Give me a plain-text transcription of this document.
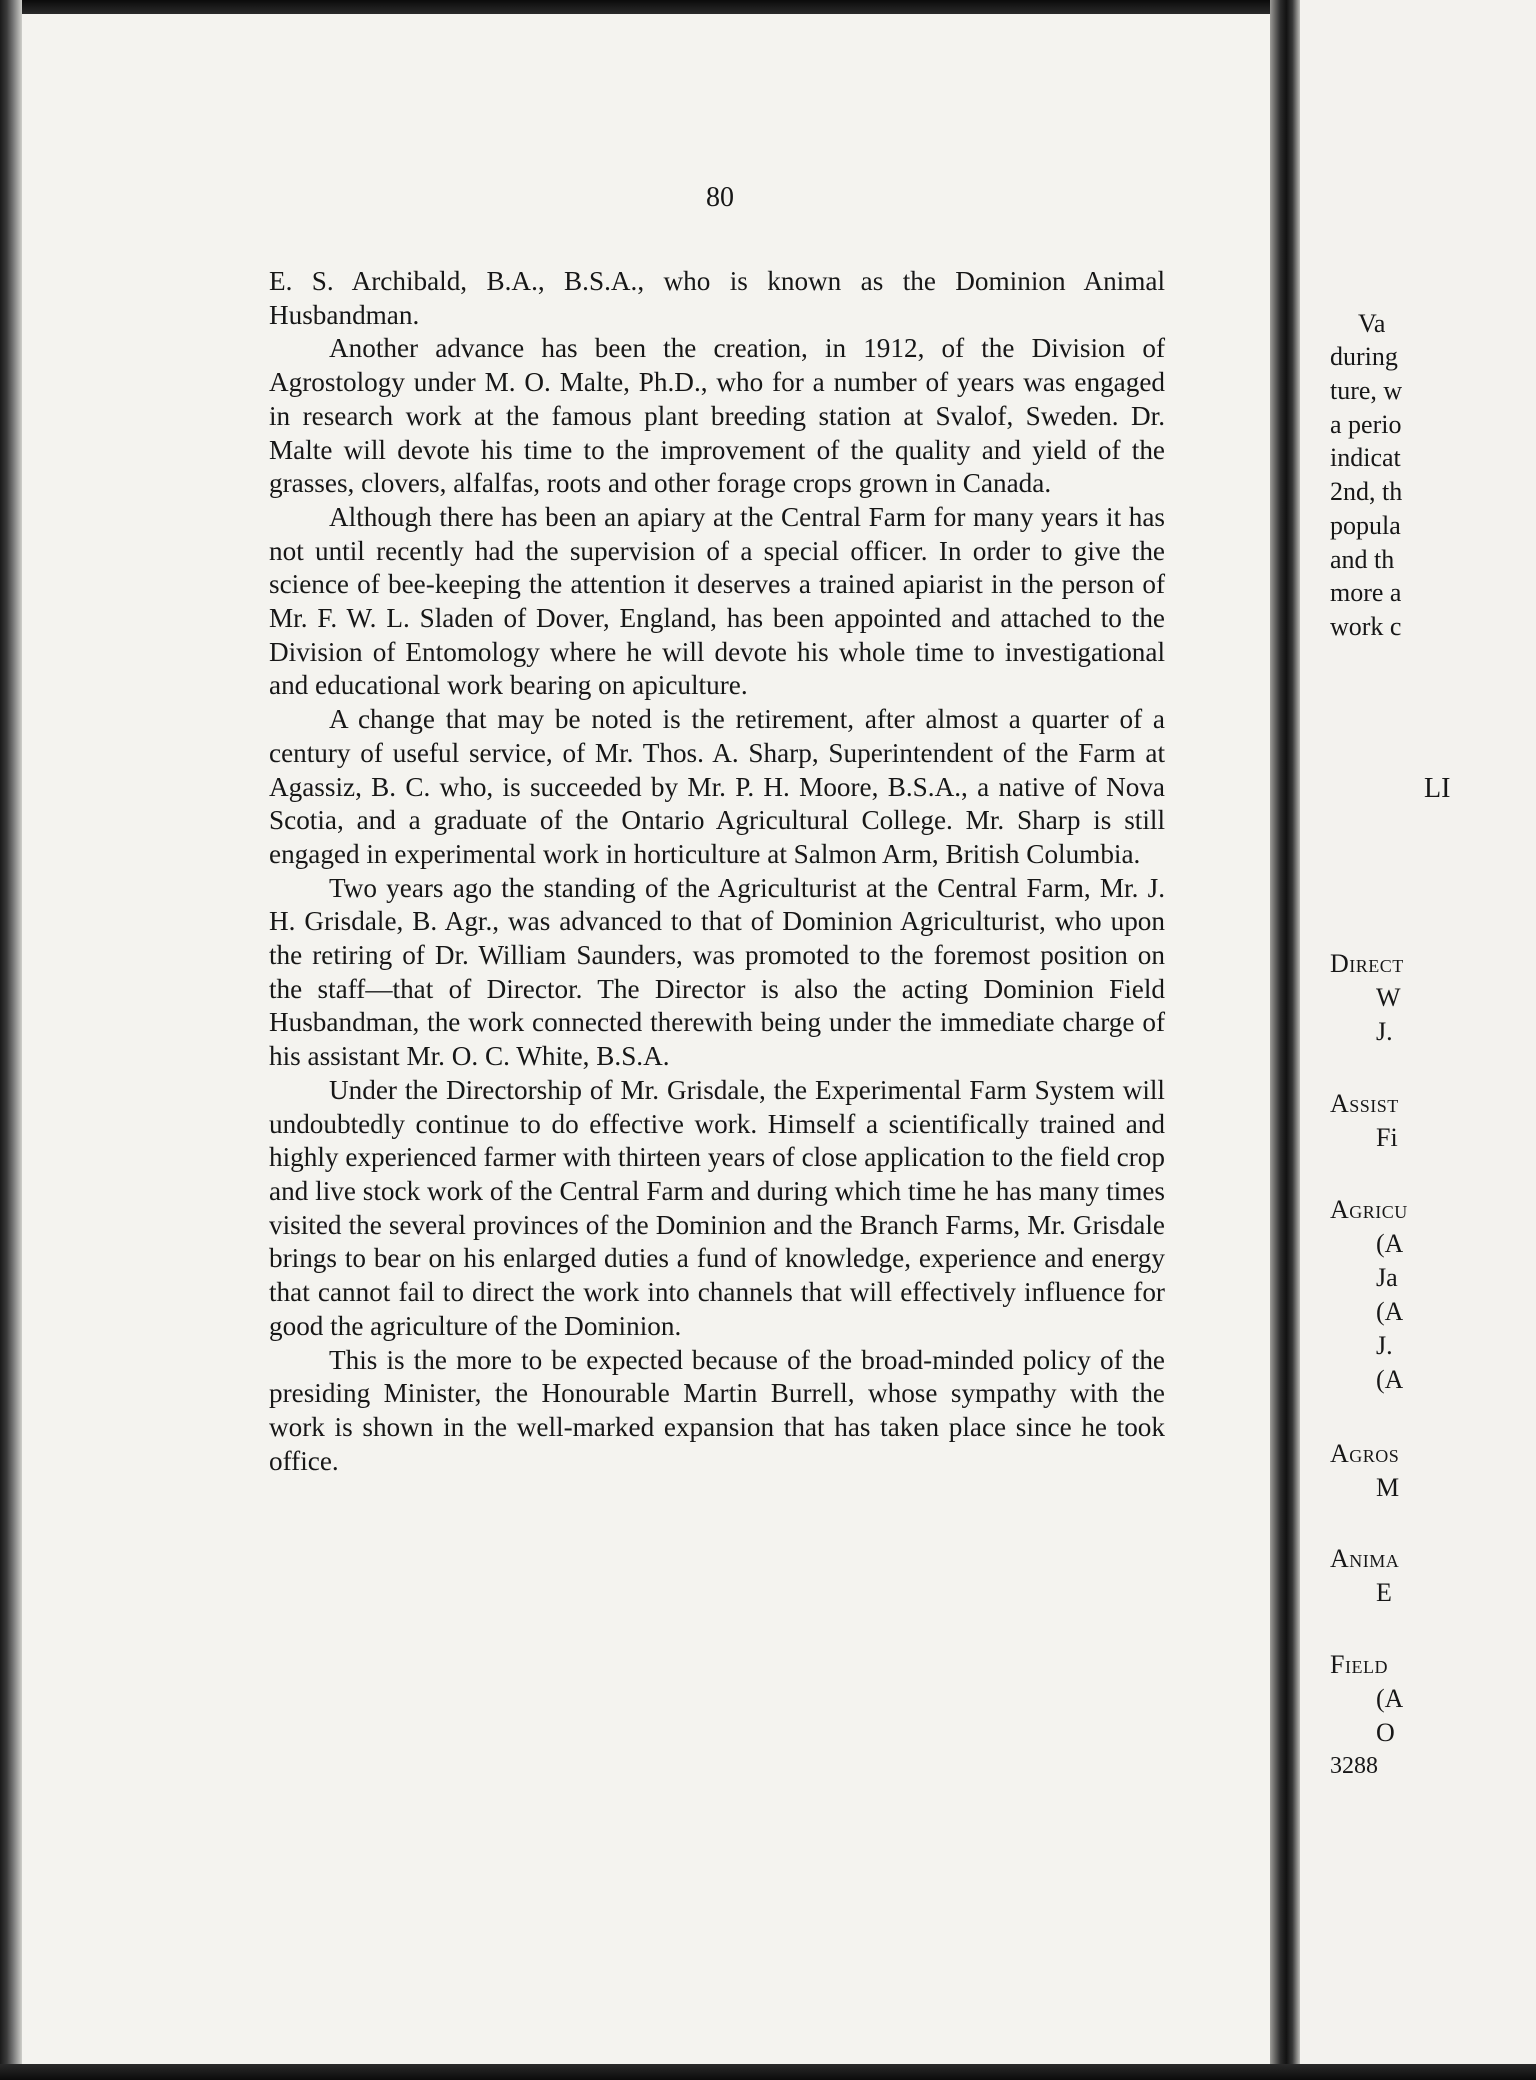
80

E. S. Archibald, B.A., B.S.A., who is known as the Dominion Animal Husbandman.

Another advance has been the creation, in 1912, of the Division of Agrostology under M. O. Malte, Ph.D., who for a number of years was engaged in research work at the famous plant breeding station at Svalof, Sweden. Dr. Malte will devote his time to the improvement of the quality and yield of the grasses, clovers, alfalfas, roots and other forage crops grown in Canada.

Although there has been an apiary at the Central Farm for many years it has not until recently had the supervision of a special officer. In order to give the science of bee-keeping the attention it deserves a trained apiarist in the person of Mr. F. W. L. Sladen of Dover, England, has been appointed and attached to the Division of Entomology where he will devote his whole time to investigational and educational work bearing on apiculture.

A change that may be noted is the retirement, after almost a quarter of a century of useful service, of Mr. Thos. A. Sharp, Superintendent of the Farm at Agassiz, B. C. who, is succeeded by Mr. P. H. Moore, B.S.A., a native of Nova Scotia, and a graduate of the Ontario Agricultural College. Mr. Sharp is still engaged in experimental work in horticulture at Salmon Arm, British Columbia.

Two years ago the standing of the Agriculturist at the Central Farm, Mr. J. H. Grisdale, B. Agr., was advanced to that of Dominion Agriculturist, who upon the retiring of Dr. William Saunders, was promoted to the foremost position on the staff—that of Director. The Director is also the acting Dominion Field Husbandman, the work connected therewith being under the immediate charge of his assistant Mr. O. C. White, B.S.A.

Under the Directorship of Mr. Grisdale, the Experimental Farm System will undoubtedly continue to do effective work. Himself a scientifically trained and highly experienced farmer with thirteen years of close application to the field crop and live stock work of the Central Farm and during which time he has many times visited the several provinces of the Dominion and the Branch Farms, Mr. Grisdale brings to bear on his enlarged duties a fund of knowledge, experience and energy that cannot fail to direct the work into channels that will effectively influence for good the agriculture of the Dominion.

This is the more to be expected because of the broad-minded policy of the presiding Minister, the Honourable Martin Burrell, whose sympathy with the work is shown in the well-marked expansion that has taken place since he took office.

Va
during
ture, w
a perio
indicat
2nd, th
popula
and th
more a
work c
LI
Direct
W
J.
Assist
Fi
Agricu
(A
Ja
(A
J.
(A
Agros
M
Anima
E
Field
(A
O
3288
